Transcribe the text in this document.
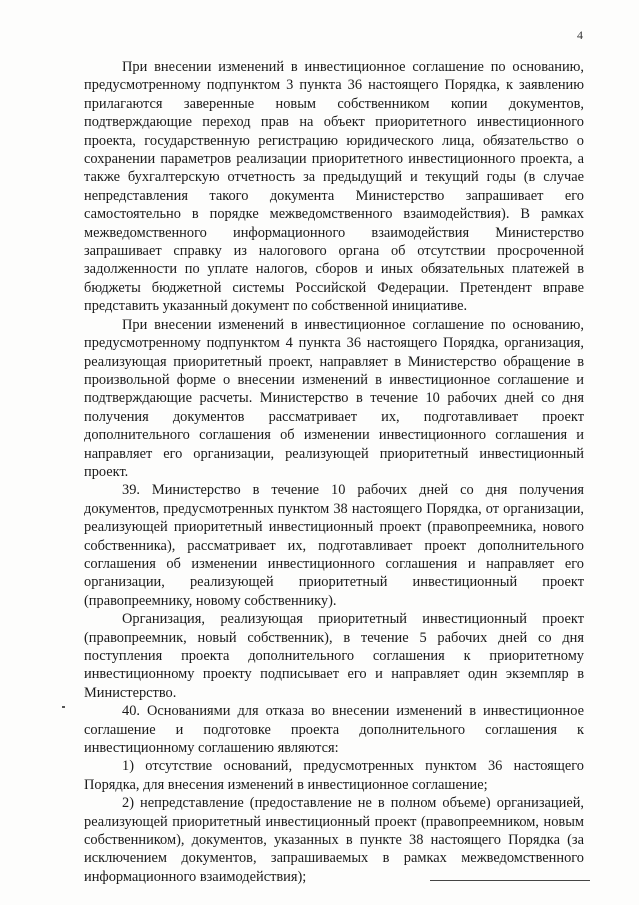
4

При внесении изменений в инвестиционное соглашение по основанию, предусмотренному подпунктом 3 пункта 36 настоящего Порядка, к заявлению прилагаются заверенные новым собственником копии документов, подтверждающие переход прав на объект приоритетного инвестиционного проекта, государственную регистрацию юридического лица, обязательство о сохранении параметров реализации приоритетного инвестиционного проекта, а также бухгалтерскую отчетность за предыдущий и текущий годы (в случае непредставления такого документа Министерство запрашивает его самостоятельно в порядке межведомственного взаимодействия). В рамках межведомственного информационного взаимодействия Министерство запрашивает справку из налогового органа об отсутствии просроченной задолженности по уплате налогов, сборов и иных обязательных платежей в бюджеты бюджетной системы Российской Федерации. Претендент вправе представить указанный документ по собственной инициативе.

При внесении изменений в инвестиционное соглашение по основанию, предусмотренному подпунктом 4 пункта 36 настоящего Порядка, организация, реализующая приоритетный проект, направляет в Министерство обращение в произвольной форме о внесении изменений в инвестиционное соглашение и подтверждающие расчеты. Министерство в течение 10 рабочих дней со дня получения документов рассматривает их, подготавливает проект дополнительного соглашения об изменении инвестиционного соглашения и направляет его организации, реализующей приоритетный инвестиционный проект.

39. Министерство в течение 10 рабочих дней со дня получения документов, предусмотренных пунктом 38 настоящего Порядка, от организации, реализующей приоритетный инвестиционный проект (правопреемника, нового собственника), рассматривает их, подготавливает проект дополнительного соглашения об изменении инвестиционного соглашения и направляет его организации, реализующей приоритетный инвестиционный проект (правопреемнику, новому собственнику).

Организация, реализующая приоритетный инвестиционный проект (правопреемник, новый собственник), в течение 5 рабочих дней со дня поступления проекта дополнительного соглашения к приоритетному инвестиционному проекту подписывает его и направляет один экземпляр в Министерство.

40. Основаниями для отказа во внесении изменений в инвестиционное соглашение и подготовке проекта дополнительного соглашения к инвестиционному соглашению являются:

1) отсутствие оснований, предусмотренных пунктом 36 настоящего Порядка, для внесения изменений в инвестиционное соглашение;

2) непредставление (предоставление не в полном объеме) организацией, реализующей приоритетный инвестиционный проект (правопреемником, новым собственником), документов, указанных в пункте 38 настоящего Порядка (за исключением документов, запрашиваемых в рамках межведомственного информационного взаимодействия);
